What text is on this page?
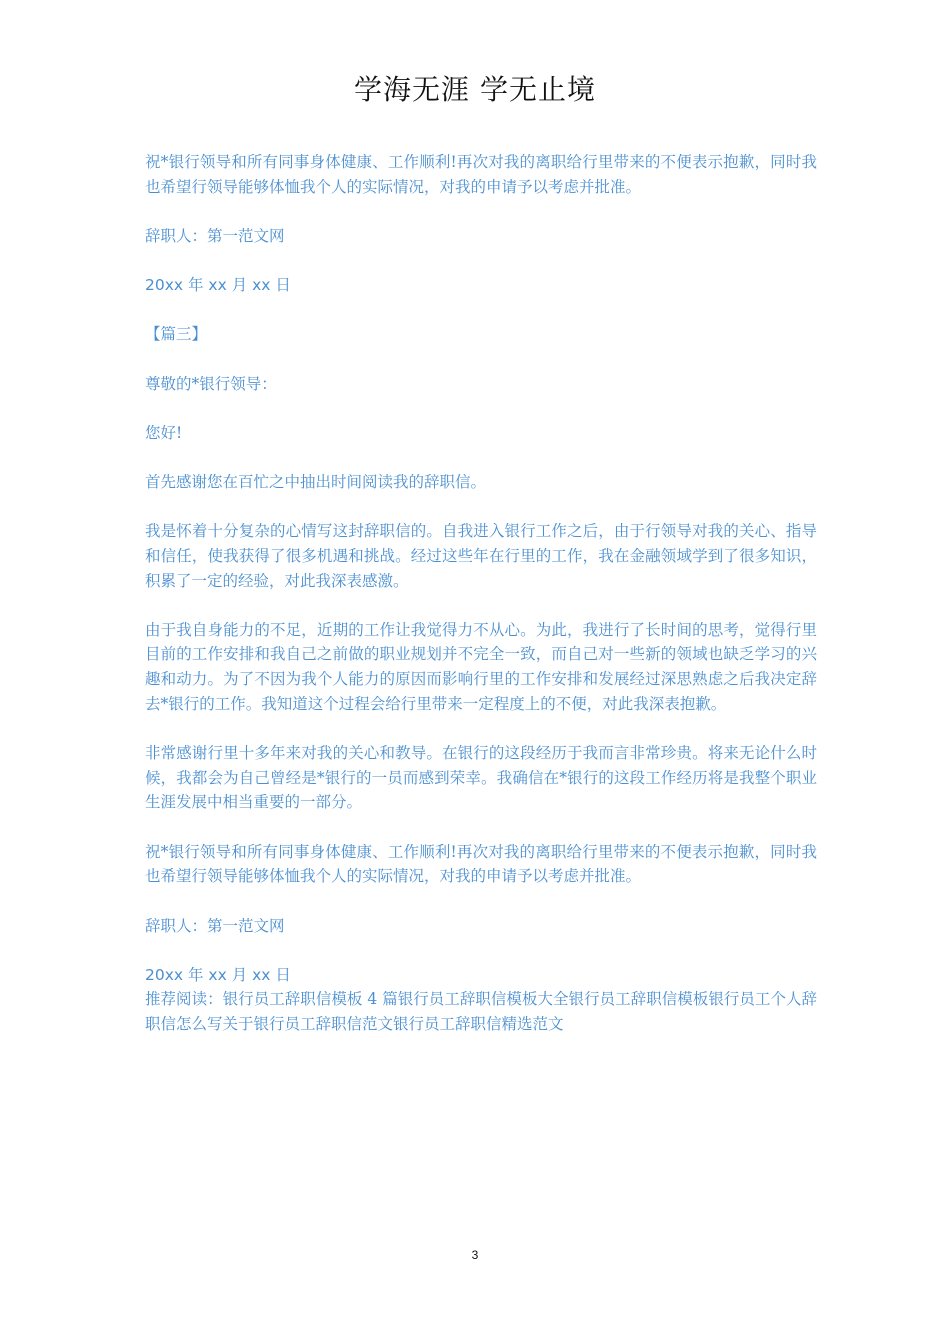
学海无涯 学无止境

祝*银行领导和所有同事身体健康、工作顺利!再次对我的离职给行里带来的不便表示抱歉，同时我也希望行领导能够体恤我个人的实际情况，对我的申请予以考虑并批准。

辞职人：第一范文网

20xx 年 xx 月 xx 日

【篇三】

尊敬的*银行领导：

您好!

首先感谢您在百忙之中抽出时间阅读我的辞职信。

我是怀着十分复杂的心情写这封辞职信的。自我进入银行工作之后，由于行领导对我的关心、指导和信任，使我获得了很多机遇和挑战。经过这些年在行里的工作，我在金融领域学到了很多知识，积累了一定的经验，对此我深表感激。

由于我自身能力的不足，近期的工作让我觉得力不从心。为此，我进行了长时间的思考，觉得行里目前的工作安排和我自己之前做的职业规划并不完全一致，而自己对一些新的领域也缺乏学习的兴趣和动力。为了不因为我个人能力的原因而影响行里的工作安排和发展经过深思熟虑之后我决定辞去*银行的工作。我知道这个过程会给行里带来一定程度上的不便，对此我深表抱歉。

非常感谢行里十多年来对我的关心和教导。在银行的这段经历于我而言非常珍贵。将来无论什么时候，我都会为自己曾经是*银行的一员而感到荣幸。我确信在*银行的这段工作经历将是我整个职业生涯发展中相当重要的一部分。

祝*银行领导和所有同事身体健康、工作顺利!再次对我的离职给行里带来的不便表示抱歉，同时我也希望行领导能够体恤我个人的实际情况，对我的申请予以考虑并批准。

辞职人：第一范文网

20xx 年 xx 月 xx 日

推荐阅读：银行员工辞职信模板 4 篇银行员工辞职信模板大全银行员工辞职信模板银行员工个人辞职信怎么写关于银行员工辞职信范文银行员工辞职信精选范文

3
